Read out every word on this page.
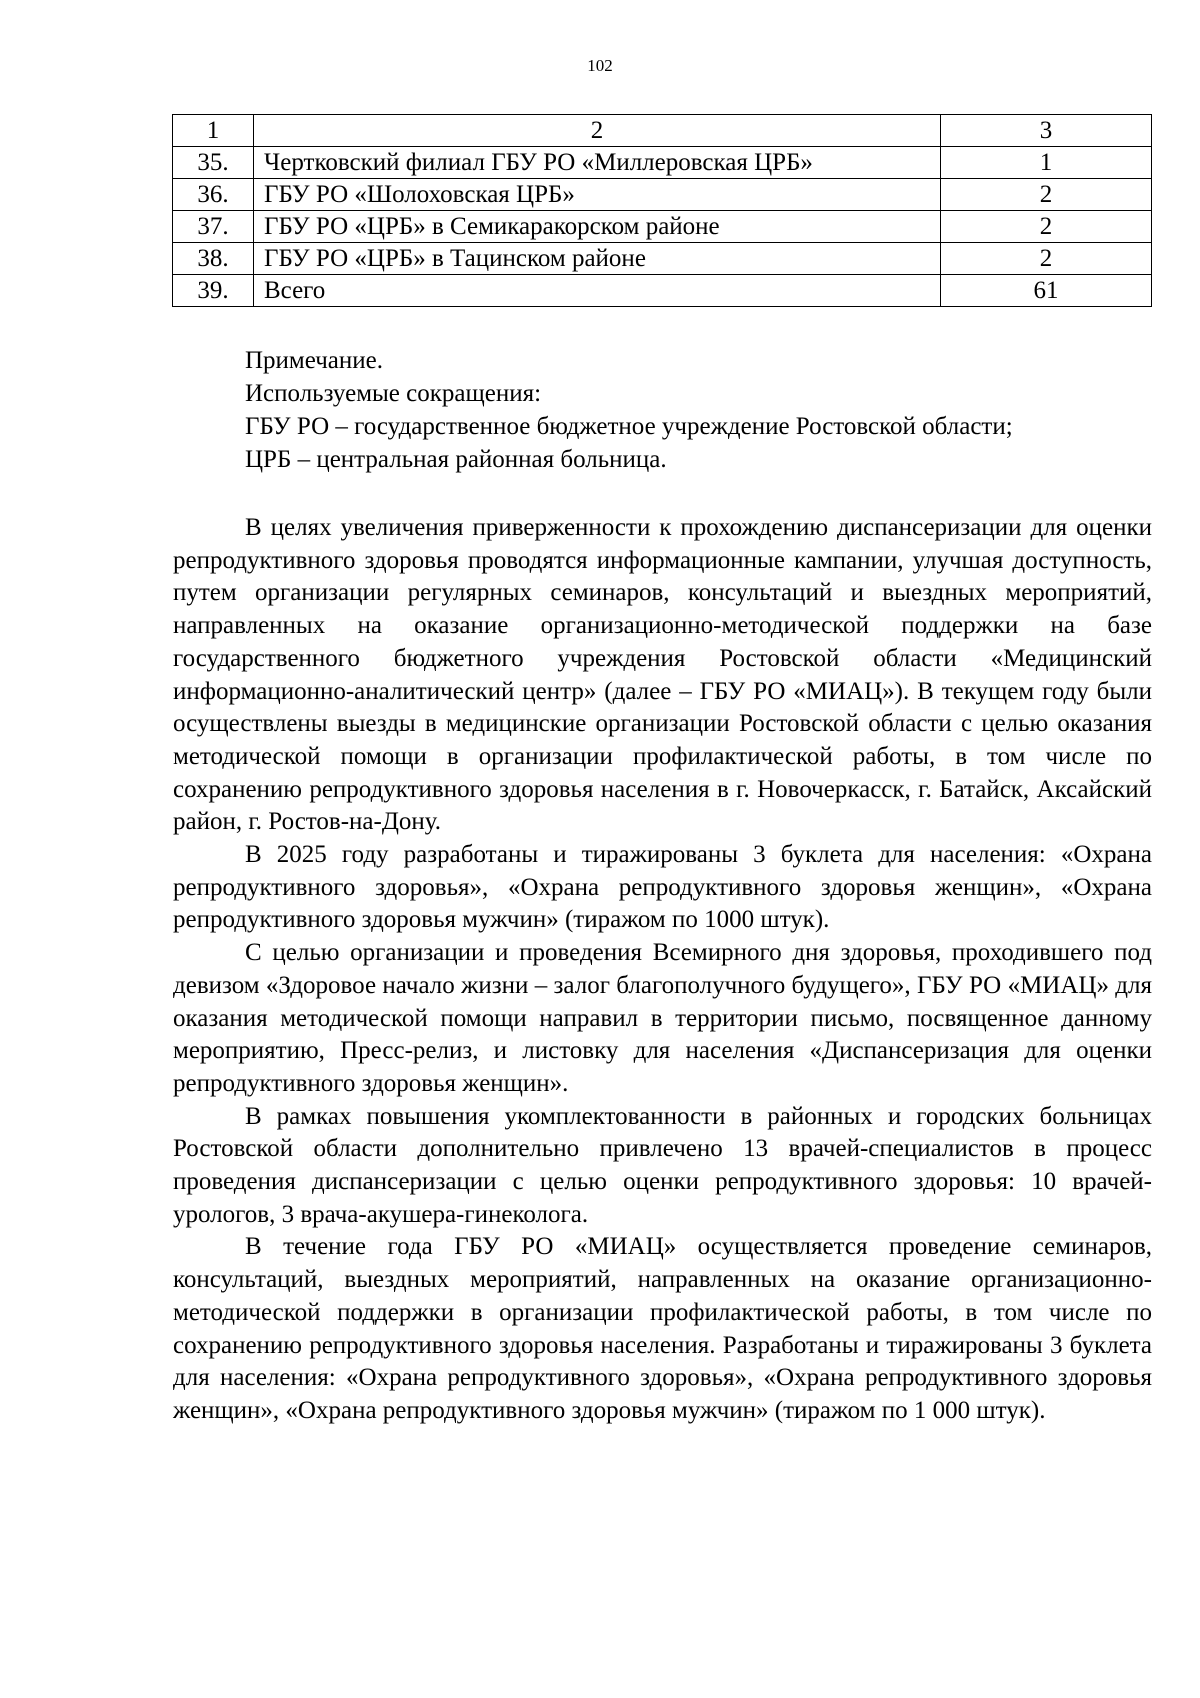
102
1	2	3
35.	Чертковский филиал ГБУ РО «Миллеровская ЦРБ»	1
36.	ГБУ РО «Шолоховская ЦРБ»	2
37.	ГБУ РО «ЦРБ» в Семикаракорском районе	2
38.	ГБУ РО «ЦРБ» в Тацинском районе	2
39.	Всего	61
Примечание.
Используемые сокращения:
ГБУ РО – государственное бюджетное учреждение Ростовской области;
ЦРБ – центральная районная больница.

В целях увеличения приверженности к прохождению диспансеризации для оценки репродуктивного здоровья проводятся информационные кампании, улучшая доступность, путем организации регулярных семинаров, консультаций и выездных мероприятий, направленных на оказание организационно-методической поддержки на базе государственного бюджетного учреждения Ростовской области «Медицинский информационно-аналитический центр» (далее – ГБУ РО «МИАЦ»). В текущем году были осуществлены выезды в медицинские организации Ростовской области с целью оказания методической помощи в организации профилактической работы, в том числе по сохранению репродуктивного здоровья населения в г. Новочеркасск, г. Батайск, Аксайский район, г. Ростов-на-Дону.

В 2025 году разработаны и тиражированы 3 буклета для населения: «Охрана репродуктивного здоровья», «Охрана репродуктивного здоровья женщин», «Охрана репродуктивного здоровья мужчин» (тиражом по 1000 штук).

С целью организации и проведения Всемирного дня здоровья, проходившего под девизом «Здоровое начало жизни – залог благополучного будущего», ГБУ РО «МИАЦ» для оказания методической помощи направил в территории письмо, посвященное данному мероприятию, Пресс-релиз, и листовку для населения «Диспансеризация для оценки репродуктивного здоровья женщин».

В рамках повышения укомплектованности в районных и городских больницах Ростовской области дополнительно привлечено 13 врачей-специалистов в процесс проведения диспансеризации с целью оценки репродуктивного здоровья: 10 врачей-урологов, 3 врача-акушера-гинеколога.

В течение года ГБУ РО «МИАЦ» осуществляется проведение семинаров, консультаций, выездных мероприятий, направленных на оказание организационно-методической поддержки в организации профилактической работы, в том числе по сохранению репродуктивного здоровья населения. Разработаны и тиражированы 3 буклета для населения: «Охрана репродуктивного здоровья», «Охрана репродуктивного здоровья женщин», «Охрана репродуктивного здоровья мужчин» (тиражом по 1 000 штук).
